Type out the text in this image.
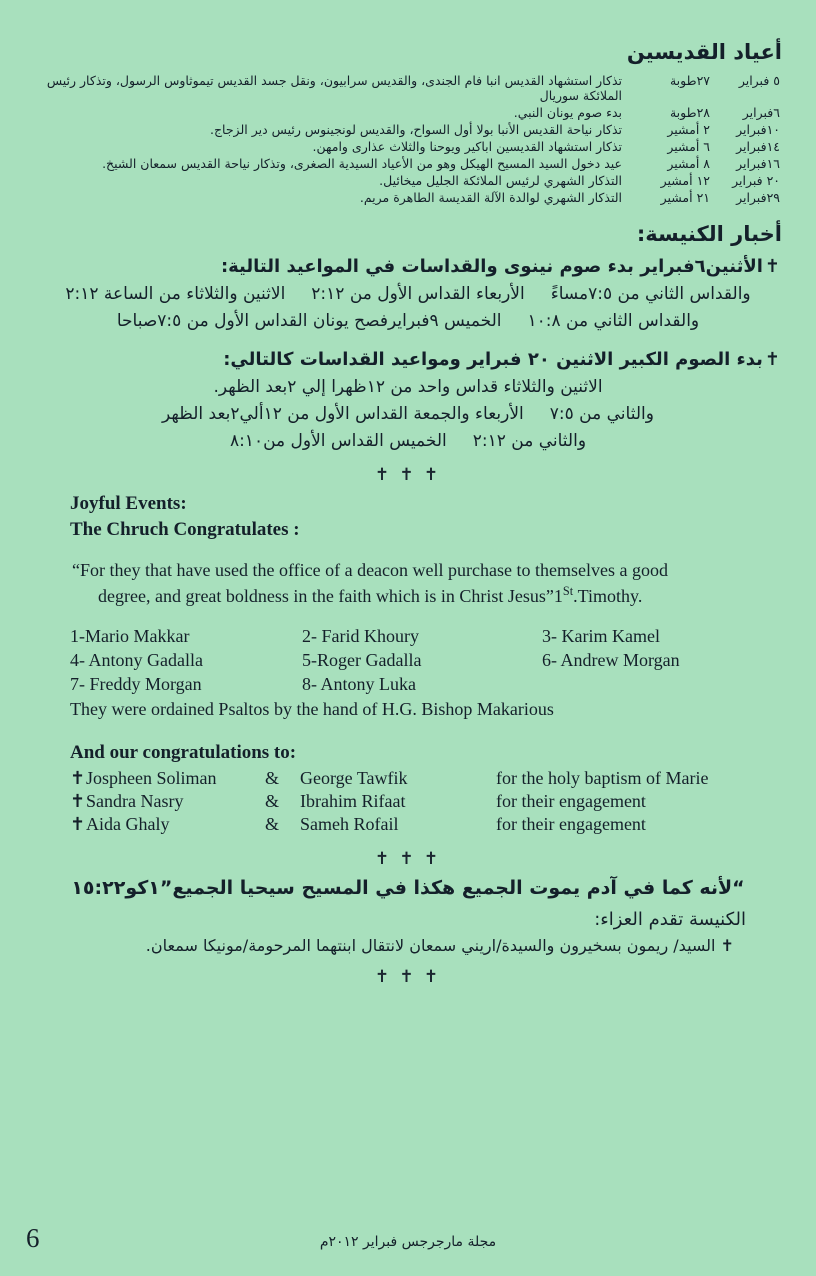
أعياد القديسين
٥ فبراير	٢٧طوبة	تذكار استشهاد القديس انبا فام الجندى، والقديس سرابيون، ونقل جسد القديس تيموثاوس الرسول، وتذكار رئيس الملائكة سوريال
٦فبراير	٢٨طوبة	بدء صوم يونان النبي.
١٠فبراير	٢ أمشير	تذكار نياحة القديس الأنبا بولا أول السواح، والقديس لونجينوس رئيس دير الزجاج.
١٤فبراير	٦ أمشير	تذكار استشهاد القديسين اباكير ويوحنا والثلاث عذارى وامهن.
١٦فبراير	٨ أمشير	عيد دخول السيد المسيح الهيكل وهو من الأعياد السيدية الصغرى، وتذكار نياحة القديس سمعان الشيخ.
٢٠ فبراير	١٢ أمشير	التذكار الشهري لرئيس الملائكة الجليل ميخائيل.
٢٩فبراير	٢١ أمشير	التذكار الشهري لوالدة الآلة القديسة الطاهرة مريم.
أخبار الكنيسة:
✝الأثنين٦فبراير بدء صوم نينوى والقداسات في المواعيد التالية:
الاثنين والثلاثاء من الساعة ٢:١٢ الأربعاء القداس الأول من ٢:١٢ والقداس الثاني من ٧:٥مساءً
الخميس ٩فبرايرفصح يونان القداس الأول من ٧:٥صباحا والقداس الثاني من ١٠:٨
✝بدء الصوم الكبير الاثنين ٢٠ فبراير ومواعيد القداسات كالتالي:
الاثنين والثلاثاء قداس واحد من ١٢ظهرا إلي ٢بعد الظهر.
الأربعاء والجمعة القداس الأول من ١٢ألي٢بعد الظهر والثاني من ٧:٥
الخميس القداس الأول من٨:١٠ والثاني من ٢:١٢
✝ ✝ ✝
Joyful Events:
The Chruch Congratulates :
“For they that have used the office of a deacon well purchase to themselves a good
degree, and great boldness in the faith which is in Christ Jesus”1St.Timothy.
1-Mario Makkar	2- Farid Khoury	3- Karim Kamel
4- Antony Gadalla	5-Roger Gadalla	6- Andrew Morgan
7- Freddy Morgan	8- Antony Luka
They were ordained Psaltos by the hand of H.G. Bishop Makarious
And our congratulations to:
✝ Jospheen Soliman	&	George Tawfik	for the holy baptism of Marie
✝ Sandra Nasry	&	Ibrahim Rifaat	for their engagement
✝ Aida Ghaly	&	Sameh Rofail	for their engagement
✝ ✝ ✝
“لأنه كما في آدم يموت الجميع هكذا في المسيح سيحيا الجميع”١كو١٥:٢٢
الكنيسة تقدم العزاء:
✝ السيد/ ريمون بسخيرون والسيدة/اريني سمعان لانتقال ابنتهما المرحومة/مونيكا سمعان.
✝ ✝ ✝
6	مجلة مارجرجس فبراير ٢٠١٢م
